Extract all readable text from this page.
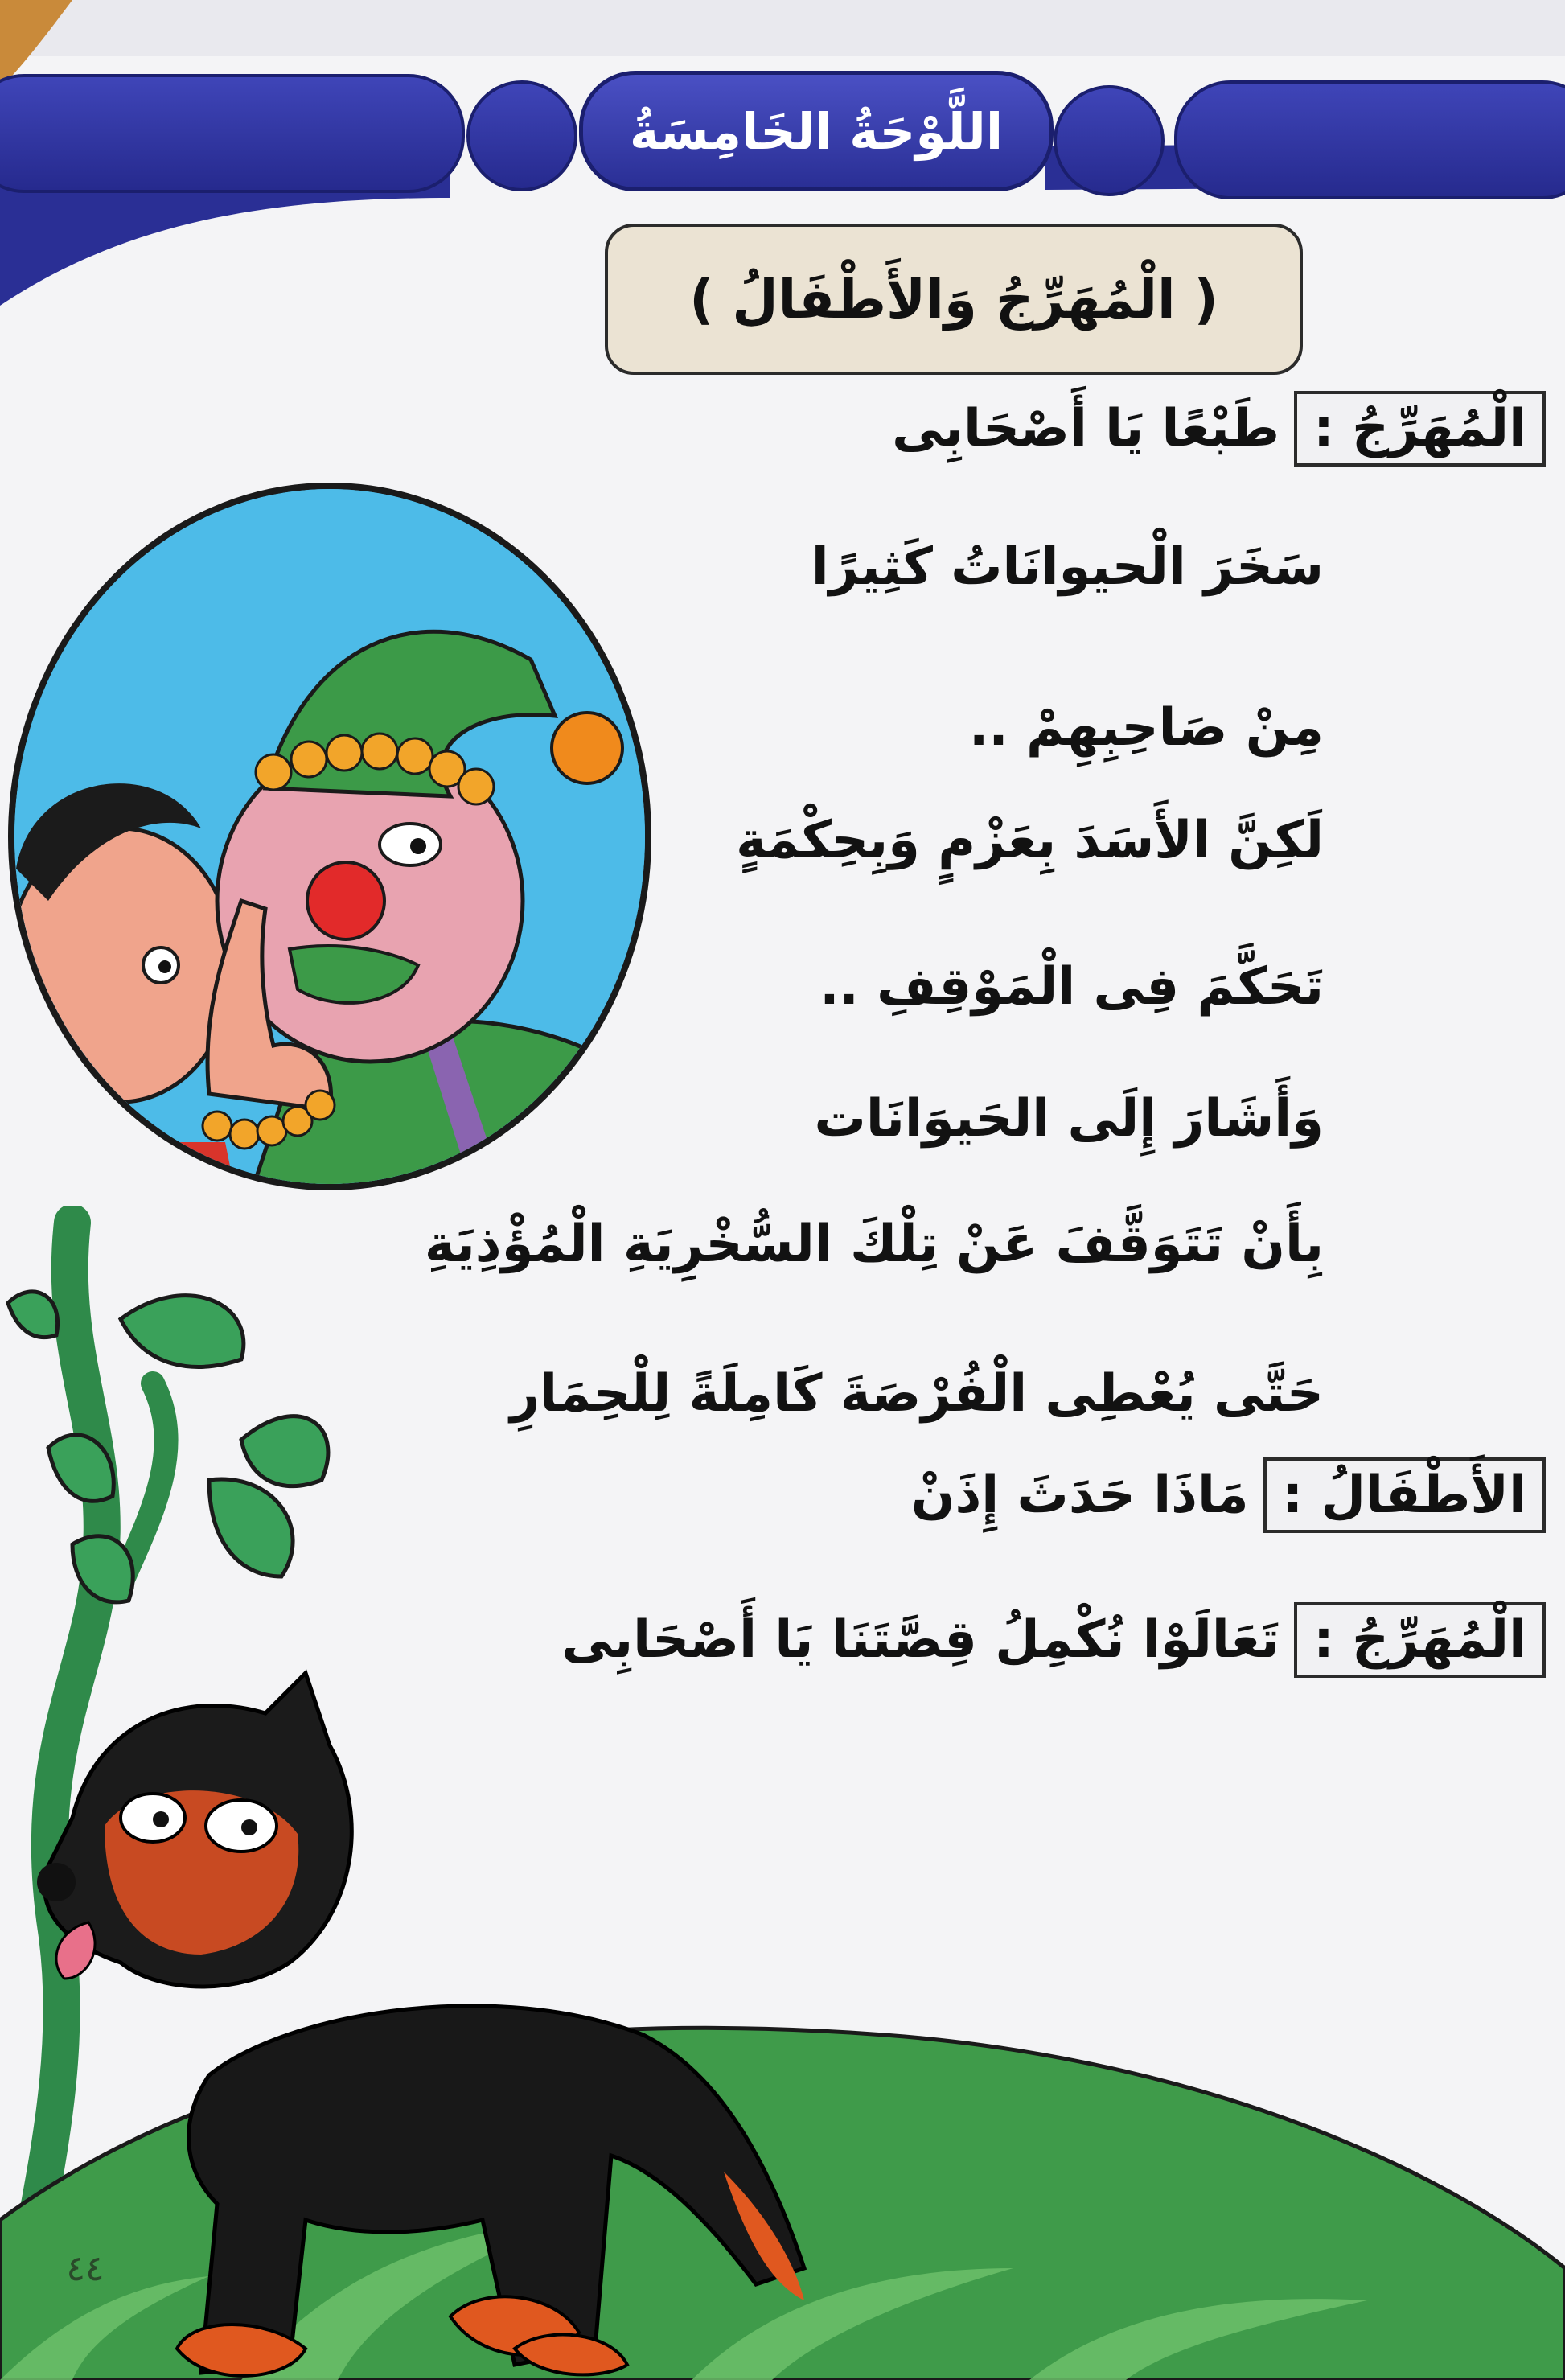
اللَّوْحَةُ الخَامِسَةُ
( الْمُهَرِّجُ وَالأَطْفَالُ )
الْمُهَرِّجُ :
طَبْعًا يَا أَصْحَابِى
سَخَرَ الْحيوانَاتُ كَثِيرًا
مِنْ صَاحِبِهِمْ ..
لَكِنَّ الأَسَدَ بِعَزْمٍ وَبِحِكْمَةٍ
تَحَكَّمَ فِى الْمَوْقِفِ ..
وَأَشَارَ إِلَى الحَيوَانَات
بِأَنْ تَتَوَقَّفَ عَنْ تِلْكَ السُّخْرِيَةِ الْمُؤْذِيَةِ
حَتَّى يُعْطِى الْفُرْصَةَ كَامِلَةً لِلْحِمَارِ
الأَطْفَالُ :
مَاذَا حَدَثَ إِذَنْ
الْمُهَرِّجُ :
تَعَالَوْا نُكْمِلُ قِصَّتَنَا يَا أَصْحَابِى
٤٤
